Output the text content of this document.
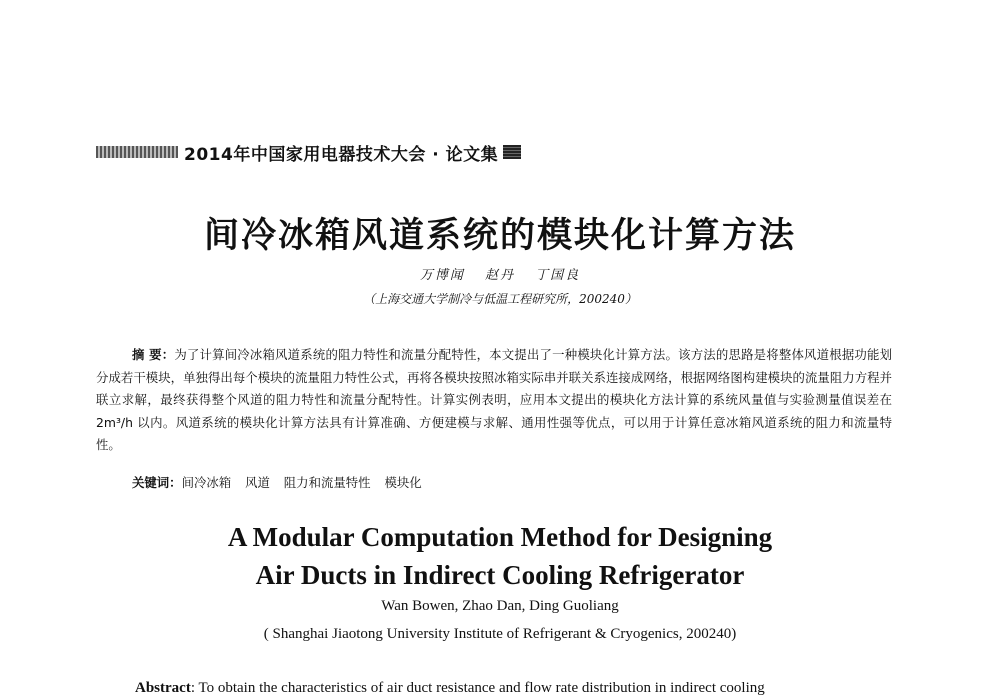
2014年中国家用电器技术大会 · 论文集
间冷冰箱风道系统的模块化计算方法
万博闻 赵丹 丁国良
（上海交通大学制冷与低温工程研究所，200240）
摘 要：为了计算间冷冰箱风道系统的阻力特性和流量分配特性，本文提出了一种模块化计算方法。该方法的思路是将整体风道根据功能划分成若干模块，单独得出每个模块的流量阻力特性公式，再将各模块按照冰箱实际串并联关系连接成网络，根据网络图构建模块的流量阻力方程并联立求解，最终获得整个风道的阻力特性和流量分配特性。计算实例表明，应用本文提出的模块化方法计算的系统风量值与实验测量值误差在 2m³/h 以内。风道系统的模块化计算方法具有计算准确、方便建模与求解、通用性强等优点，可以用于计算任意冰箱风道系统的阻力和流量特性。
关键词：间冷冰箱 风道 阻力和流量特性 模块化
A Modular Computation Method for Designing
Air Ducts in Indirect Cooling Refrigerator
Wan Bowen, Zhao Dan, Ding Guoliang
( Shanghai Jiaotong University Institute of Refrigerant & Cryogenics, 200240)
Abstract: To obtain the characteristics of air duct resistance and flow rate distribution in indirect cooling
